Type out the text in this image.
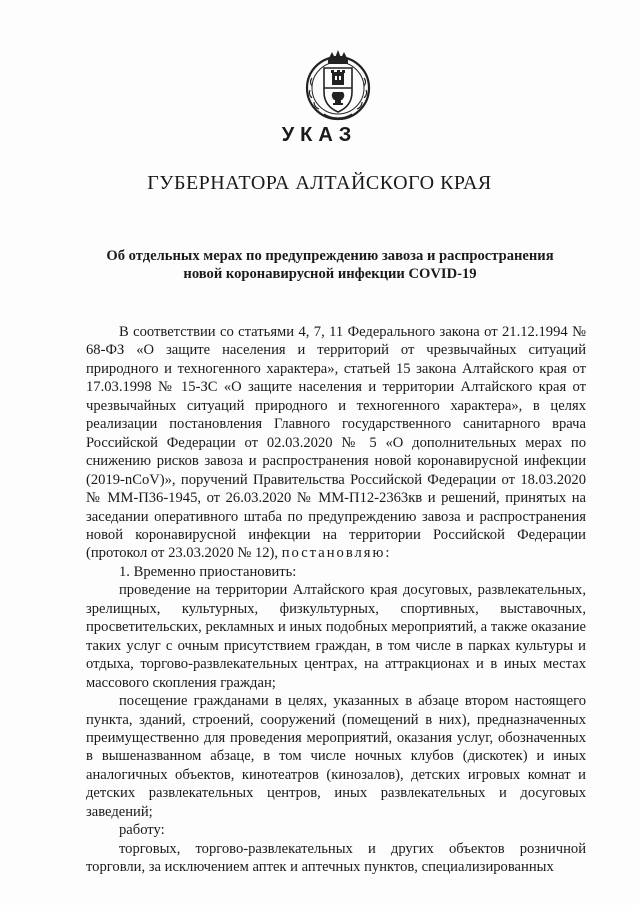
УКАЗ
ГУБЕРНАТОРА АЛТАЙСКОГО КРАЯ
Об отдельных мерах по предупреждению завоза и распространения
новой коронавирусной инфекции COVID-19

В соответствии со статьями 4, 7, 11 Федерального закона от 21.12.1994 № 68-ФЗ «О защите населения и территорий от чрезвычайных ситуаций природного и техногенного характера», статьей 15 закона Алтайского края от 17.03.1998 № 15-ЗС «О защите населения и территории Алтайского края от чрезвычайных ситуаций природного и техногенного характера», в целях реализации постановления Главного государственного санитарного врача Российской Федерации от 02.03.2020 № 5 «О дополнительных мерах по снижению рисков завоза и распространения новой коронавирусной инфекции (2019-nCoV)», поручений Правительства Российской Федерации от 18.03.2020 № ММ-П36-1945, от 26.03.2020 № ММ-П12-2363кв и решений, принятых на заседании оперативного штаба по предупреждению завоза и распространения новой коронавирусной инфекции на территории Российской Федерации (протокол от 23.03.2020 № 12), постановляю:

1. Временно приостановить:

проведение на территории Алтайского края досуговых, развлекательных, зрелищных, культурных, физкультурных, спортивных, выставочных, просветительских, рекламных и иных подобных мероприятий, а также оказание таких услуг с очным присутствием граждан, в том числе в парках культуры и отдыха, торгово-развлекательных центрах, на аттракционах и в иных местах массового скопления граждан;

посещение гражданами в целях, указанных в абзаце втором настоящего пункта, зданий, строений, сооружений (помещений в них), предназначенных преимущественно для проведения мероприятий, оказания услуг, обозначенных в вышеназванном абзаце, в том числе ночных клубов (дискотек) и иных аналогичных объектов, кинотеатров (кинозалов), детских игровых комнат и детских развлекательных центров, иных развлекательных и досуговых заведений;

работу:

торговых, торгово-развлекательных и других объектов розничной торговли, за исключением аптек и аптечных пунктов, специализированных
